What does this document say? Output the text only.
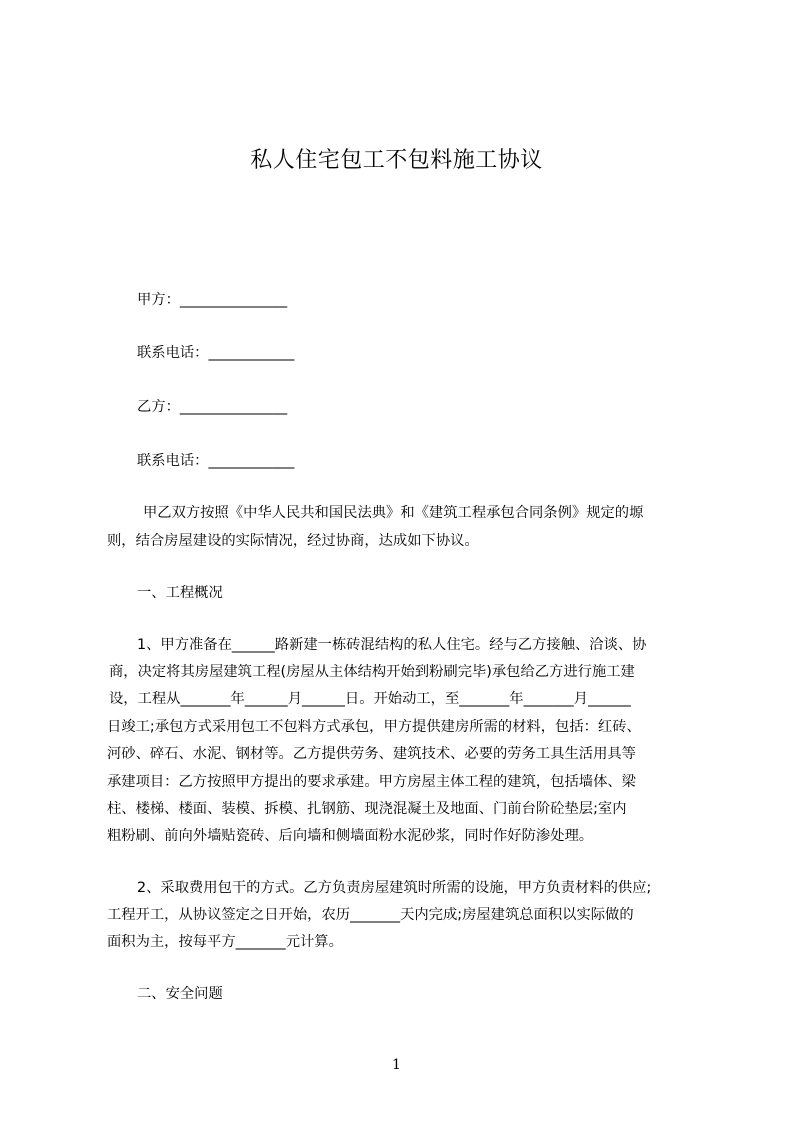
私人住宅包工不包料施工协议
甲方：_______________
联系电话：____________
乙方：_______________
联系电话：____________
甲乙双方按照《中华人民共和国民法典》和《建筑工程承包合同条例》规定的塬
则，结合房屋建设的实际情况，经过协商，达成如下协议。
一、工程概况
1、甲方准备在______路新建一栋砖混结构的私人住宅。经与乙方接触、洽谈、协
商，决定将其房屋建筑工程(房屋从主体结构开始到粉刷完毕)承包给乙方进行施工建
设，工程从_______年______月______日。开始动工，至_______年_______月______
日竣工;承包方式采用包工不包料方式承包，甲方提供建房所需的材料，包括：红砖、
河砂、碎石、水泥、钢材等。乙方提供劳务、建筑技术、必要的劳务工具生活用具等
承建项目：乙方按照甲方提出的要求承建。甲方房屋主体工程的建筑，包括墙体、梁
柱、楼梯、楼面、装模、拆模、扎钢筋、现浇混凝土及地面、门前台阶砼垫层;室内
粗粉刷、前向外墙贴瓷砖、后向墙和侧墙面粉水泥砂浆，同时作好防渗处理。
2、采取费用包干的方式。乙方负责房屋建筑时所需的设施，甲方负责材料的供应;
工程开工，从协议签定之日开始，农历_______天内完成;房屋建筑总面积以实际做的
面积为主，按每平方_______元计算。
二、安全问题
1
